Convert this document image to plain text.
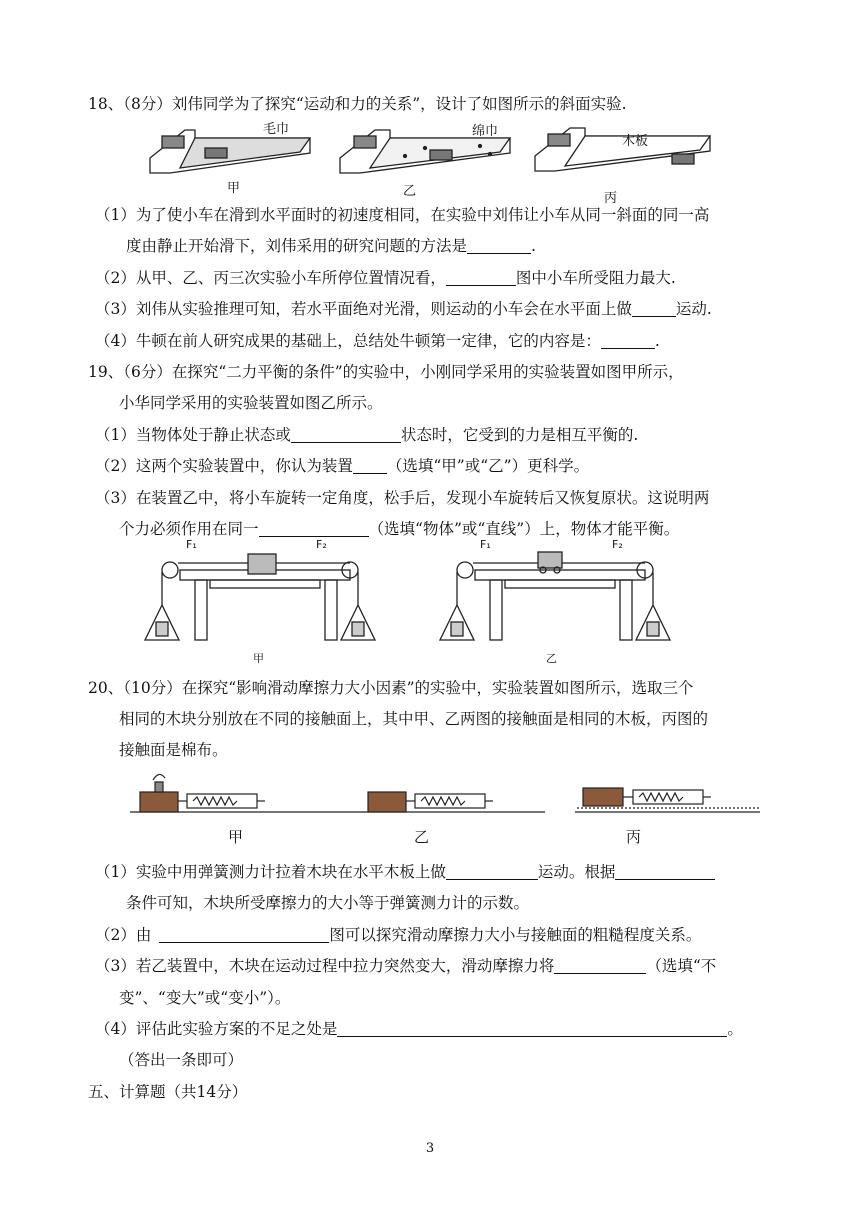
18、（8分）刘伟同学为了探究“运动和力的关系”，设计了如图所示的斜面实验.
毛巾	绵巾
木板
甲	乙	丙
（1）为了使小车在滑到水平面时的初速度相同，在实验中刘伟让小车从同一斜面的同一高
度由静止开始滑下，刘伟采用的研究问题的方法是	.
（2）从甲、乙、丙三次实验小车所停位置情况看，	图中小车所受阻力最大.
（3）刘伟从实验推理可知，若水平面绝对光滑，则运动的小车会在水平面上做	运动.
（4）牛顿在前人研究成果的基础上，总结处牛顿第一定律，它的内容是：	.
19、（6分）在探究“二力平衡的条件”的实验中，小刚同学采用的实验装置如图甲所示，
小华同学采用的实验装置如图乙所示。
（1）当物体处于静止状态或	状态时，它受到的力是相互平衡的.
（2）这两个实验装置中，你认为装置 （选填“甲”或“乙”）更科学。
（3）在装置乙中，将小车旋转一定角度，松手后，发现小车旋转后又恢复原状。这说明两
个力必须作用在同一	（选填“物体”或“直线”）上，物体才能平衡。
F₁	F₂	F₁	F₂
甲	乙
20、（10分）在探究“影响滑动摩擦力大小因素”的实验中，实验装置如图所示，选取三个
相同的木块分别放在不同的接触面上，其中甲、乙两图的接触面是相同的木板，丙图的
接触面是棉布。
甲	乙	丙
（1）实验中用弹簧测力计拉着木块在水平木板上做	运动。根据
条件可知，木块所受摩擦力的大小等于弹簧测力计的示数。
（2）由	图可以探究滑动摩擦力大小与接触面的粗糙程度关系。
（3）若乙装置中，木块在运动过程中拉力突然变大，滑动摩擦力将	（选填“不
变”、“变大”或“变小”）。
（4）评估此实验方案的不足之处是	。
（答出一条即可）
五、计算题（共14分）
3
